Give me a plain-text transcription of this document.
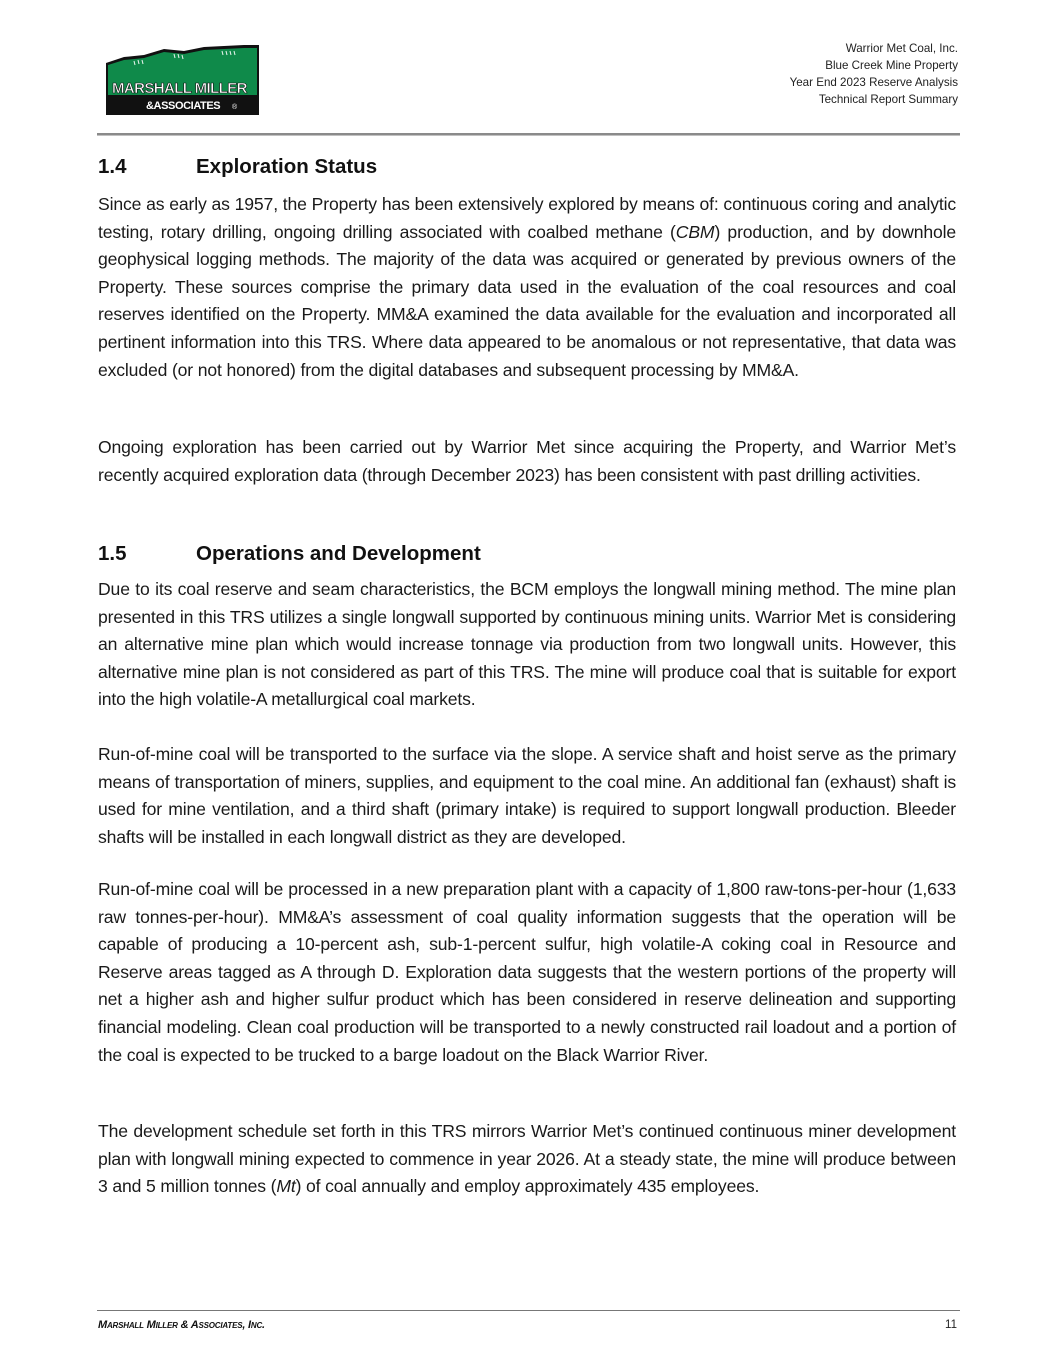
MARSHALL MILLER
&ASSOCIATES ®
Warrior Met Coal, Inc.
Blue Creek Mine Property
Year End 2023 Reserve Analysis
Technical Report Summary
1.4	Exploration Status

Since as early as 1957, the Property has been extensively explored by means of: continuous coring and analytic testing, rotary drilling, ongoing drilling associated with coalbed methane (CBM) production, and by downhole geophysical logging methods. The majority of the data was acquired or generated by previous owners of the Property. These sources comprise the primary data used in the evaluation of the coal resources and coal reserves identified on the Property. MM&A examined the data available for the evaluation and incorporated all pertinent information into this TRS. Where data appeared to be anomalous or not representative, that data was excluded (or not honored) from the digital databases and subsequent processing by MM&A.

Ongoing exploration has been carried out by Warrior Met since acquiring the Property, and Warrior Met’s recently acquired exploration data (through December 2023) has been consistent with past drilling activities.

1.5	Operations and Development

Due to its coal reserve and seam characteristics, the BCM employs the longwall mining method. The mine plan presented in this TRS utilizes a single longwall supported by continuous mining units. Warrior Met is considering an alternative mine plan which would increase tonnage via production from two longwall units. However, this alternative mine plan is not considered as part of this TRS. The mine will produce coal that is suitable for export into the high volatile-A metallurgical coal markets.

Run-of-mine coal will be transported to the surface via the slope. A service shaft and hoist serve as the primary means of transportation of miners, supplies, and equipment to the coal mine. An additional fan (exhaust) shaft is used for mine ventilation, and a third shaft (primary intake) is required to support longwall production. Bleeder shafts will be installed in each longwall district as they are developed.

Run-of-mine coal will be processed in a new preparation plant with a capacity of 1,800 raw-tons-per-hour (1,633 raw tonnes-per-hour). MM&A’s assessment of coal quality information suggests that the operation will be capable of producing a 10-percent ash, sub-1-percent sulfur, high volatile-A coking coal in Resource and Reserve areas tagged as A through D. Exploration data suggests that the western portions of the property will net a higher ash and higher sulfur product which has been considered in reserve delineation and supporting financial modeling. Clean coal production will be transported to a newly constructed rail loadout and a portion of the coal is expected to be trucked to a barge loadout on the Black Warrior River.

The development schedule set forth in this TRS mirrors Warrior Met’s continued continuous miner development plan with longwall mining expected to commence in year 2026. At a steady state, the mine will produce between 3 and 5 million tonnes (Mt) of coal annually and employ approximately 435 employees.

Marshall Miller & Associates, Inc.	11
